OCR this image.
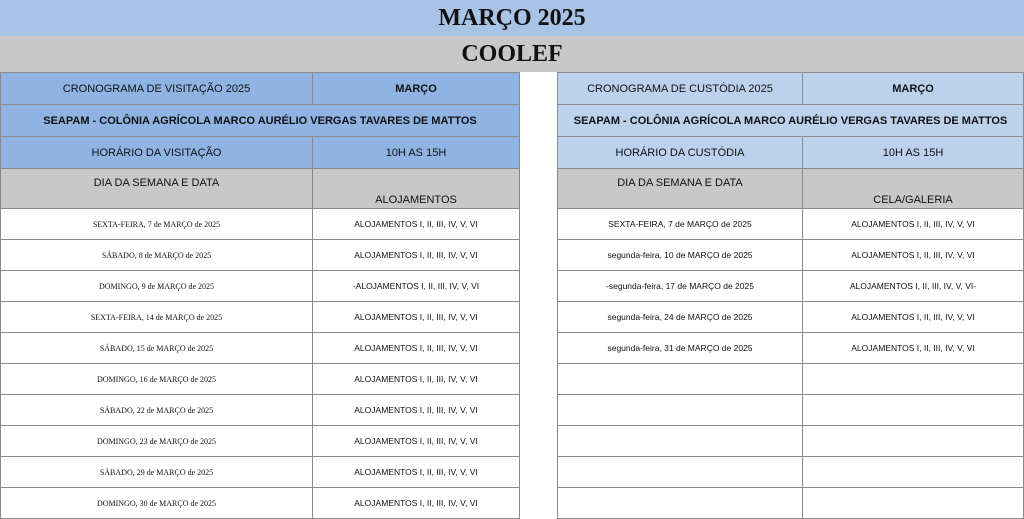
MARÇO 2025
COOLEF
CRONOGRAMA DE VISITAÇÃO 2025	MARÇO
SEAPAM - COLÔNIA AGRÍCOLA MARCO AURÉLIO VERGAS TAVARES DE MATTOS	
HORÁRIO DA VISITAÇÃO	10H AS 15H
DIA DA SEMANA E DATA	ALOJAMENTOS
SEXTA-FEIRA, 7 de MARÇO de 2025	ALOJAMENTOS I, II, III, IV, V, VI
SÁBADO, 8 de MARÇO de 2025	ALOJAMENTOS I, II, III, IV, V, VI
DOMINGO, 9 de MARÇO de 2025	-ALOJAMENTOS I, II, III, IV, V, VI
SEXTA-FEIRA, 14 de MARÇO de 2025	ALOJAMENTOS I, II, III, IV, V, VI
SÁBADO, 15 de MARÇO de 2025	ALOJAMENTOS I, II, III, IV, V, VI
DOMINGO, 16 de MARÇO de 2025	ALOJAMENTOS I, II, III, IV, V, VI
SÁBADO, 22 de MARÇO de 2025	ALOJAMENTOS I, II, III, IV, V, VI
DOMINGO, 23 de MARÇO de 2025	ALOJAMENTOS I, II, III, IV, V, VI
SÁBADO, 29 de MARÇO de 2025	ALOJAMENTOS I, II, III, IV, V, VI
DOMINGO, 30 de MARÇO de 2025	ALOJAMENTOS I, II, III, IV, V, VI
CRONOGRAMA DE CUSTÓDIA 2025	MARÇO
SEAPAM - COLÔNIA AGRÍCOLA MARCO AURÉLIO VERGAS TAVARES DE MATTOS	
HORÁRIO DA CUSTÓDIA	10H AS 15H
DIA DA SEMANA E DATA	CELA/GALERIA
SEXTA-FEIRA, 7 de MARÇO de 2025	ALOJAMENTOS I, II, III, IV, V, VI
segunda-feira, 10 de MARÇO de 2025	ALOJAMENTOS I, II, III, IV, V, VI
-segunda-feira, 17 de MARÇO de 2025	ALOJAMENTOS I, II, III, IV, V, VI-
segunda-feira, 24 de MARÇO de 2025	ALOJAMENTOS I, II, III, IV, V, VI
segunda-feira, 31 de MARÇO de 2025	ALOJAMENTOS I, II, III, IV, V, VI
